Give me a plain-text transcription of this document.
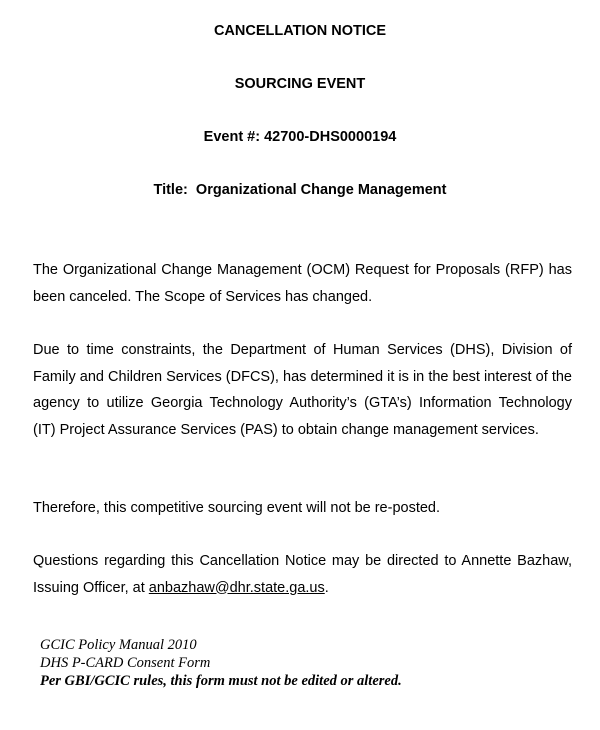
CANCELLATION NOTICE

SOURCING EVENT

Event #: 42700-DHS0000194

Title: Organizational Change Management

The Organizational Change Management (OCM) Request for Proposals (RFP) has been canceled. The Scope of Services has changed.

Due to time constraints, the Department of Human Services (DHS), Division of Family and Children Services (DFCS), has determined it is in the best interest of the agency to utilize Georgia Technology Authority’s (GTA’s) Information Technology (IT) Project Assurance Services (PAS) to obtain change management services.

Therefore, this competitive sourcing event will not be re-posted.

Questions regarding this Cancellation Notice may be directed to Annette Bazhaw, Issuing Officer, at anbazhaw@dhr.state.ga.us.

GCIC Policy Manual 2010
DHS P-CARD Consent Form
Per GBI/GCIC rules, this form must not be edited or altered.
